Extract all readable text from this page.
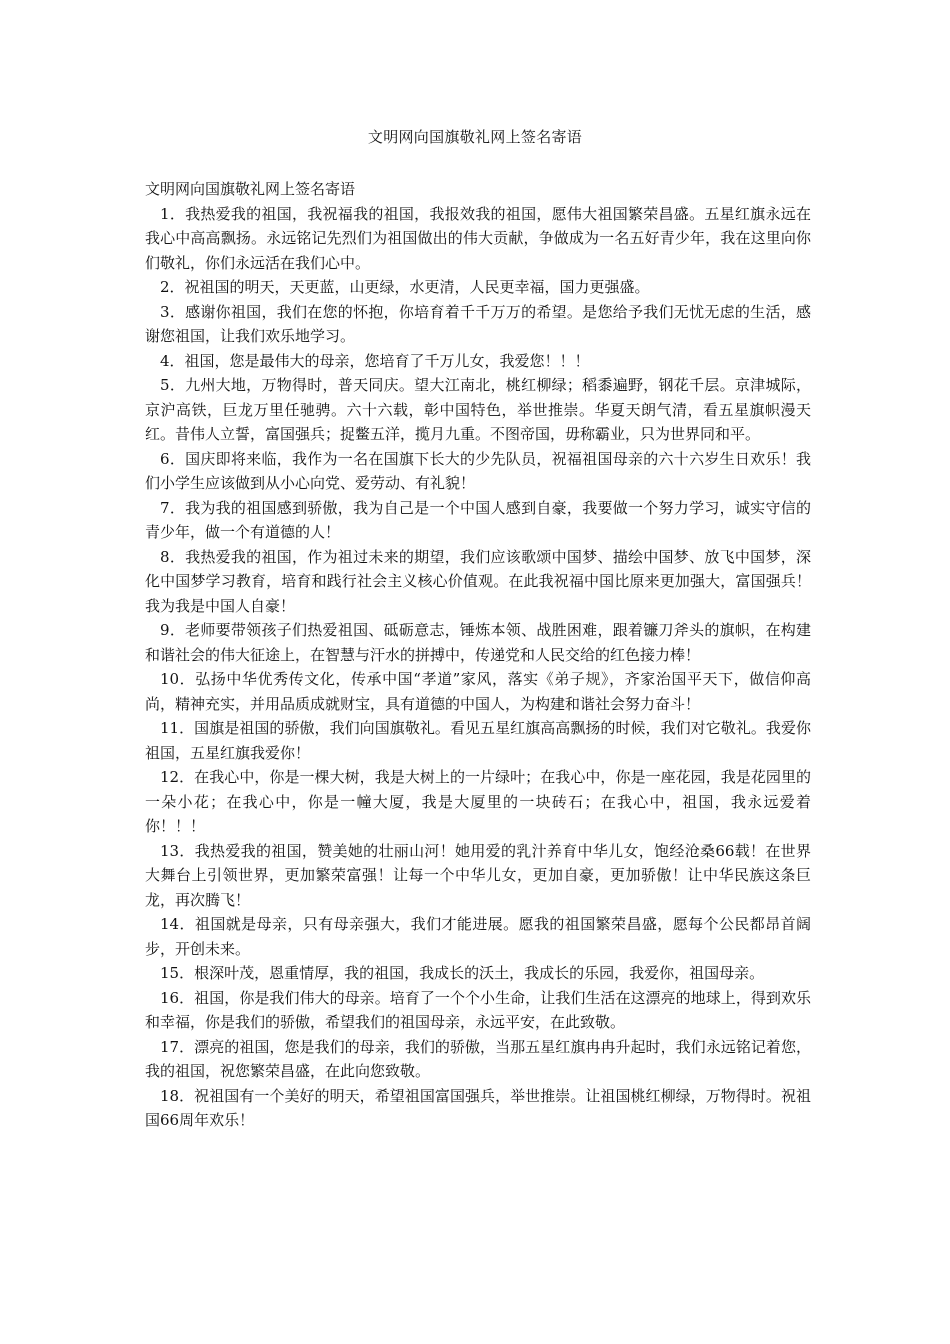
文明网向国旗敬礼网上签名寄语

文明网向国旗敬礼网上签名寄语

1．我热爱我的祖国，我祝福我的祖国，我报效我的祖国，愿伟大祖国繁荣昌盛。五星红旗永远在我心中高高飘扬。永远铭记先烈们为祖国做出的伟大贡献，争做成为一名五好青少年，我在这里向你们敬礼，你们永远活在我们心中。

2．祝祖国的明天，天更蓝，山更绿，水更清，人民更幸福，国力更强盛。

3．感谢你祖国，我们在您的怀抱，你培育着千千万万的希望。是您给予我们无忧无虑的生活，感谢您祖国，让我们欢乐地学习。

4．祖国，您是最伟大的母亲，您培育了千万儿女，我爱您！！！

5．九州大地，万物得时，普天同庆。望大江南北，桃红柳绿；稻黍遍野，钢花千层。京津城际，京沪高铁，巨龙万里任驰骋。六十六载，彰中国特色，举世推崇。华夏天朗气清，看五星旗帜漫天红。昔伟人立誓，富国强兵；捉鳖五洋，揽月九重。不图帝国，毋称霸业，只为世界同和平。

6．国庆即将来临，我作为一名在国旗下长大的少先队员，祝福祖国母亲的六十六岁生日欢乐！我们小学生应该做到从小心向党、爱劳动、有礼貌！

7．我为我的祖国感到骄傲，我为自己是一个中国人感到自豪，我要做一个努力学习，诚实守信的青少年，做一个有道德的人！

8．我热爱我的祖国，作为祖过未来的期望，我们应该歌颂中国梦、描绘中国梦、放飞中国梦，深化中国梦学习教育，培育和践行社会主义核心价值观。在此我祝福中国比原来更加强大，富国强兵！我为我是中国人自豪！

9．老师要带领孩子们热爱祖国、砥砺意志，锤炼本领、战胜困难，跟着镰刀斧头的旗帜，在构建和谐社会的伟大征途上，在智慧与汗水的拼搏中，传递党和人民交给的红色接力棒！

10．弘扬中华优秀传文化，传承中国“孝道”家风，落实《弟子规》，齐家治国平天下，做信仰高尚，精神充实，并用品质成就财宝，具有道德的中国人，为构建和谐社会努力奋斗！

11．国旗是祖国的骄傲，我们向国旗敬礼。看见五星红旗高高飘扬的时候，我们对它敬礼。我爱你祖国，五星红旗我爱你！

12．在我心中，你是一棵大树，我是大树上的一片绿叶；在我心中，你是一座花园，我是花园里的一朵小花；在我心中，你是一幢大厦，我是大厦里的一块砖石；在我心中，祖国，我永远爱着你！！！

13．我热爱我的祖国，赞美她的壮丽山河！她用爱的乳汁养育中华儿女，饱经沧桑66载！在世界大舞台上引领世界，更加繁荣富强！让每一个中华儿女，更加自豪，更加骄傲！让中华民族这条巨龙，再次腾飞！

14．祖国就是母亲，只有母亲强大，我们才能进展。愿我的祖国繁荣昌盛，愿每个公民都昂首阔步，开创未来。

15．根深叶茂，恩重情厚，我的祖国，我成长的沃土，我成长的乐园，我爱你，祖国母亲。

16．祖国，你是我们伟大的母亲。培育了一个个小生命，让我们生活在这漂亮的地球上，得到欢乐和幸福，你是我们的骄傲，希望我们的祖国母亲，永远平安，在此致敬。

17．漂亮的祖国，您是我们的母亲，我们的骄傲，当那五星红旗冉冉升起时，我们永远铭记着您，我的祖国，祝您繁荣昌盛，在此向您致敬。

18．祝祖国有一个美好的明天，希望祖国富国强兵，举世推崇。让祖国桃红柳绿，万物得时。祝祖国66周年欢乐！
